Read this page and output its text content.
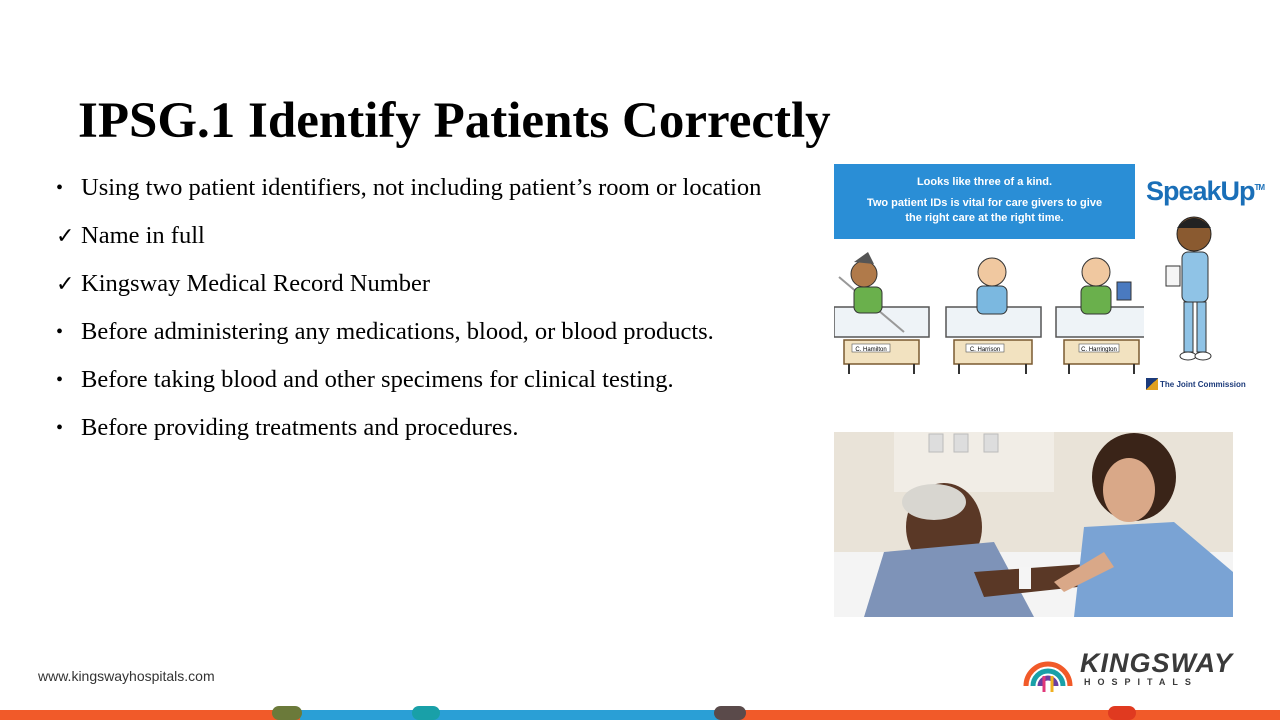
IPSG.1 Identify Patients Correctly
• Using two patient identifiers, not including patient’s room or location
✓ Name in full
✓ Kingsway Medical Record Number
• Before administering any medications, blood, or blood products.
• Before taking blood and other specimens for clinical testing.
• Before providing treatments and procedures.
Looks like three of a kind.
Two patient IDs is vital for care givers to give
the right care at the right time.
SpeakUp™
C. Hamilton	C. Harrison	C. Harrington
The Joint Commission
www.kingswayhospitals.com	KINGSWAY
HOSPITALS
